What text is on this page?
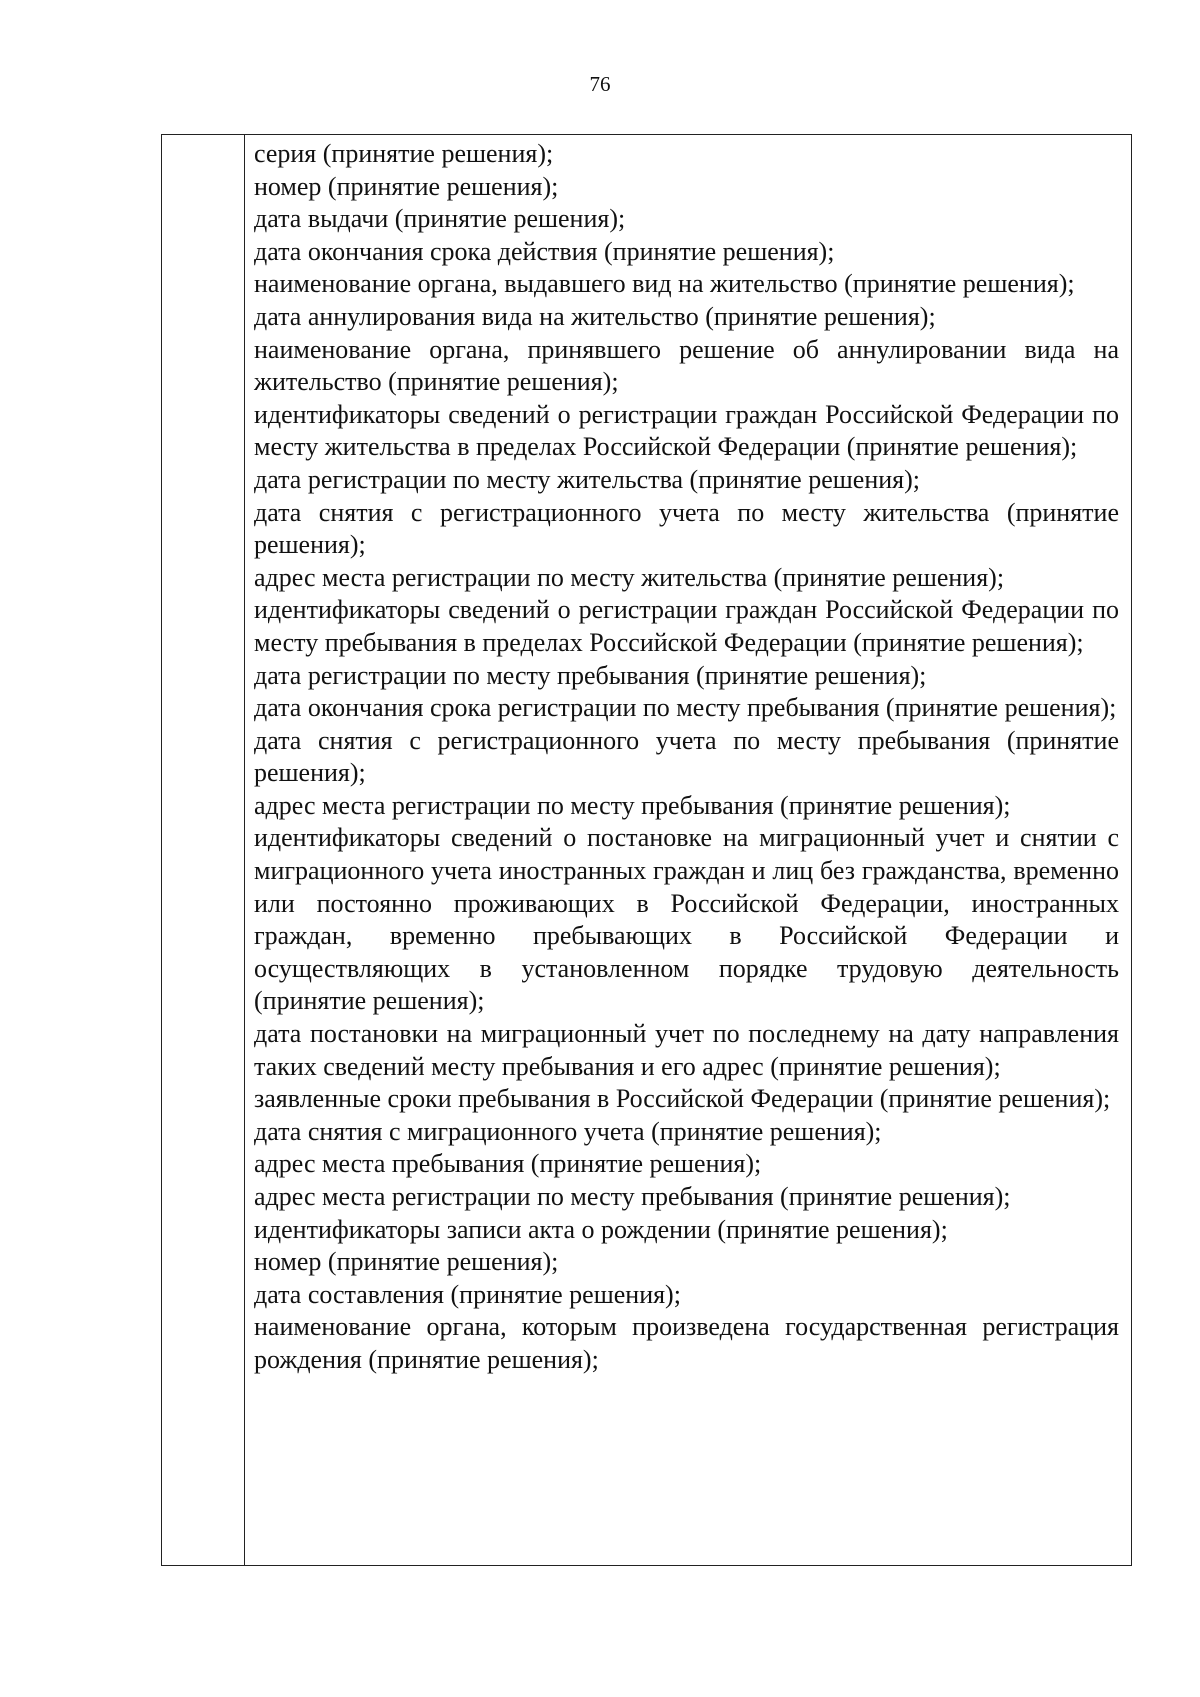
76

серия (принятие решения);

номер (принятие решения);

дата выдачи (принятие решения);

дата окончания срока действия (принятие решения);

наименование органа, выдавшего вид на жительство (принятие решения);

дата аннулирования вида на жительство (принятие решения);

наименование органа, принявшего решение об аннулировании вида на жительство (принятие решения);

идентификаторы сведений о регистрации граждан Российской Федерации по месту жительства в пределах Российской Федерации (принятие решения);

дата регистрации по месту жительства (принятие решения);

дата снятия с регистрационного учета по месту жительства (принятие решения);

адрес места регистрации по месту жительства (принятие решения);

идентификаторы сведений о регистрации граждан Российской Федерации по месту пребывания в пределах Российской Федерации (принятие решения);

дата регистрации по месту пребывания (принятие решения);

дата окончания срока регистрации по месту пребывания (принятие решения);

дата снятия с регистрационного учета по месту пребывания (принятие решения);

адрес места регистрации по месту пребывания (принятие решения);

идентификаторы сведений о постановке на миграционный учет и снятии с миграционного учета иностранных граждан и лиц без гражданства, временно или постоянно проживающих в Российской Федерации, иностранных граждан, временно пребывающих в Российской Федерации и осуществляющих в установленном порядке трудовую деятельность (принятие решения);

дата постановки на миграционный учет по последнему на дату направления таких сведений месту пребывания и его адрес (принятие решения);

заявленные сроки пребывания в Российской Федерации (принятие решения);

дата снятия с миграционного учета (принятие решения);

адрес места пребывания (принятие решения);

адрес места регистрации по месту пребывания (принятие решения);

идентификаторы записи акта о рождении (принятие решения);

номер (принятие решения);

дата составления (принятие решения);

наименование органа, которым произведена государственная регистрация рождения (принятие решения);
